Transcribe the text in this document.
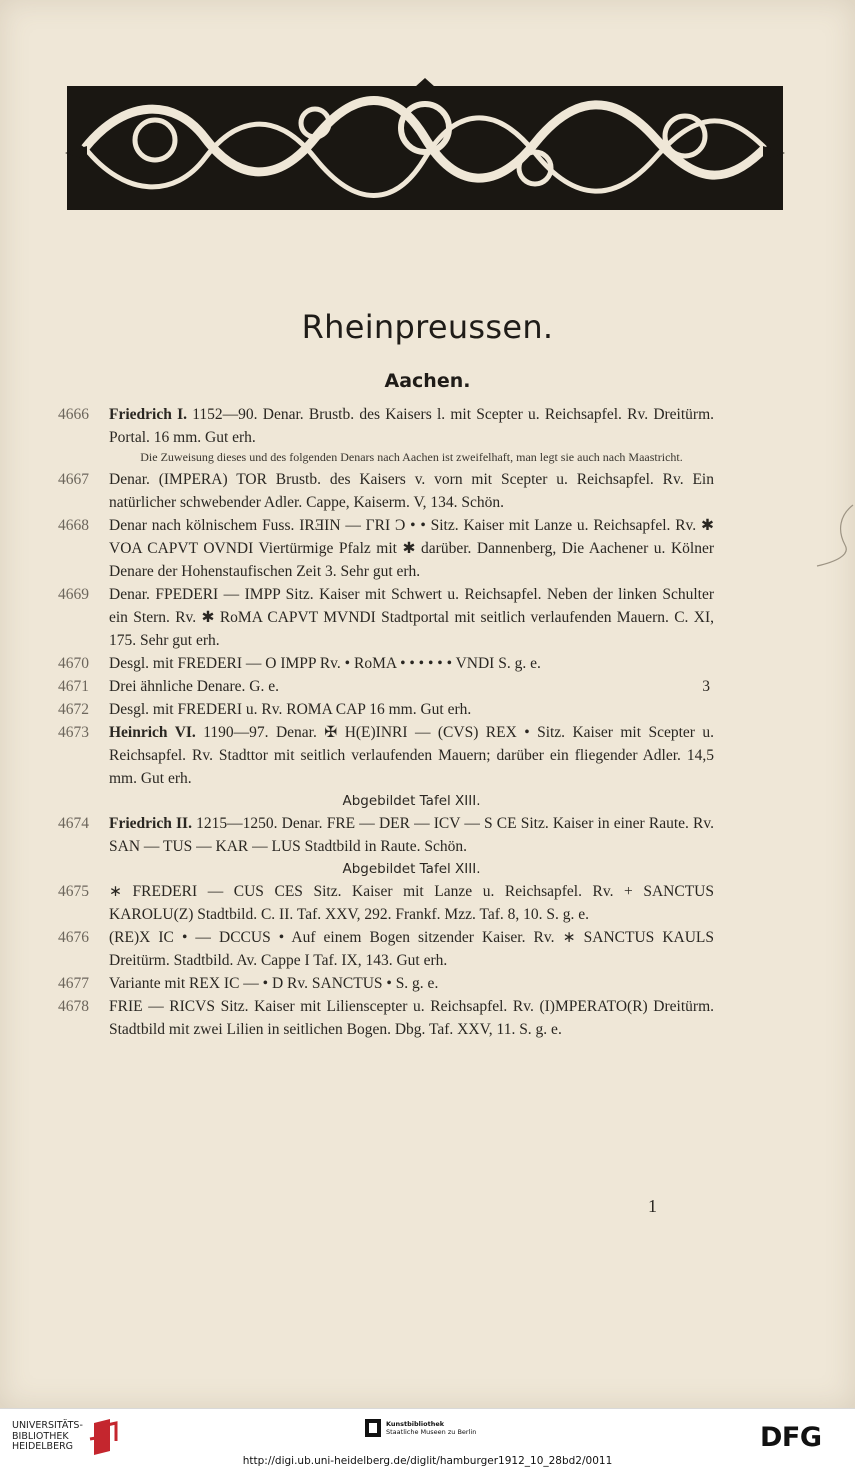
Rheinpreussen.
Aachen.
4666 Friedrich I. 1152—90. Denar. Brustb. des Kaisers l. mit Scepter u. Reichsapfel. Rv. Dreitürm. Portal. 16 mm. Gut erh.
Die Zuweisung dieses und des folgenden Denars nach Aachen ist zweifelhaft, man legt sie auch nach Maastricht.
4667 Denar. (IMPERA) TOR Brustb. des Kaisers v. vorn mit Scepter u. Reichsapfel. Rv. Ein natürlicher schwebender Adler. Cappe, Kaiserm. V, 134. Schön.
4668 Denar nach kölnischem Fuss. IRƎIN — ΓRI Ͻ • • Sitz. Kaiser mit Lanze u. Reichsapfel. Rv. ✱ VOA CAPVT OVNDI Viertürmige Pfalz mit ✱ darüber. Dannenberg, Die Aachener u. Kölner Denare der Hohenstaufischen Zeit 3. Sehr gut erh.
4669 Denar. FPEDERI — IMPP Sitz. Kaiser mit Schwert u. Reichsapfel. Neben der linken Schulter ein Stern. Rv. ✱ RoMA CAPVT MVNDI Stadtportal mit seitlich verlaufenden Mauern. C. XI, 175. Sehr gut erh.
4670 Desgl. mit FREDERI — O IMPP Rv. • RoMA • • • • • • VNDI S. g. e.
4671 Drei ähnliche Denare. G. e.	3
4672 Desgl. mit FREDERI u. Rv. ROMA CAP 16 mm. Gut erh.
4673 Heinrich VI. 1190—97. Denar. ✠ H(E)INRI — (CVS) REX • Sitz. Kaiser mit Scepter u. Reichsapfel. Rv. Stadttor mit seitlich verlaufenden Mauern; darüber ein fliegender Adler. 14,5 mm. Gut erh.
Abgebildet Tafel XIII.
4674 Friedrich II. 1215—1250. Denar. FRE — DER — ICV — S CE Sitz. Kaiser in einer Raute. Rv. SAN — TUS — KAR — LUS Stadtbild in Raute. Schön.
Abgebildet Tafel XIII.
4675 ∗ FREDERI — CUS CES Sitz. Kaiser mit Lanze u. Reichsapfel. Rv. + SANCTUS KAROLU(Z) Stadtbild. C. II. Taf. XXV, 292. Frankf. Mzz. Taf. 8, 10. S. g. e.
4676 (RE)X IC • — DCCUS • Auf einem Bogen sitzender Kaiser. Rv. ∗ SANCTUS KAULS Dreitürm. Stadtbild. Av. Cappe I Taf. IX, 143. Gut erh.
4677 Variante mit REX IC — • D Rv. SANCTUS • S. g. e.
4678 FRIE — RICVS Sitz. Kaiser mit Lilienscepter u. Reichsapfel. Rv. (I)MPERATO(R) Dreitürm. Stadtbild mit zwei Lilien in seitlichen Bogen. Dbg. Taf. XXV, 11. S. g. e.
1
UNIVERSITÄTS-
BIBLIOTHEK
HEIDELBERG
Kunstbibliothek
Staatliche Museen zu Berlin	DFG
http://digi.ub.uni-heidelberg.de/diglit/hamburger1912_10_28bd2/0011
